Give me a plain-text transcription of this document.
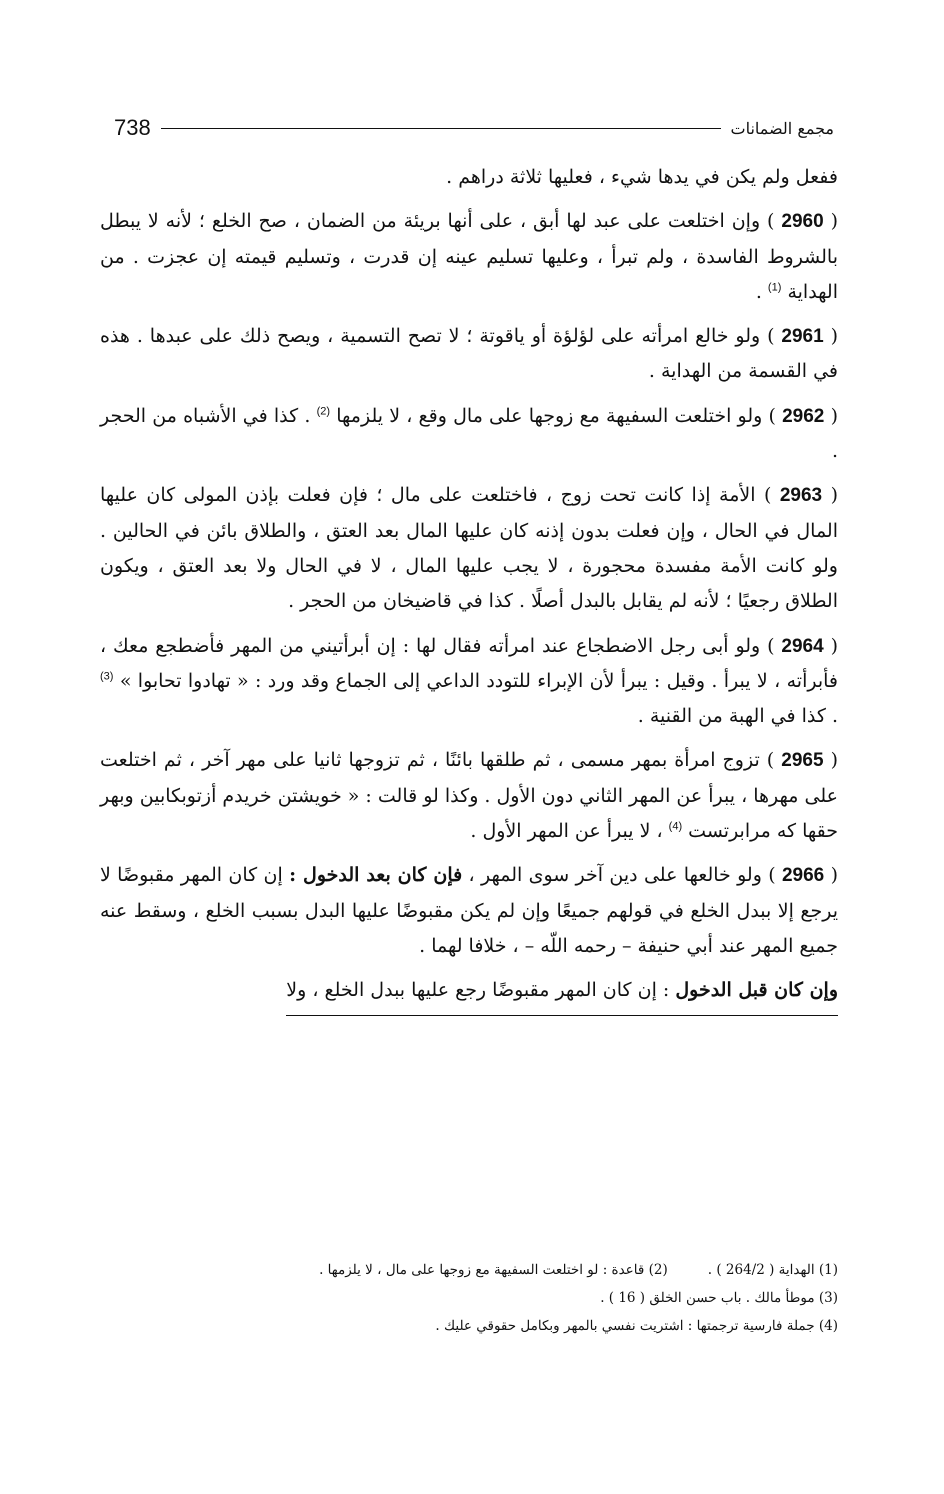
738	مجمع الضمانات

ففعل ولم يكن في يدها شيء ، فعليها ثلاثة دراهم .

( 2960 ) وإن اختلعت على عبد لها أبق ، على أنها بريئة من الضمان ، صح الخلع ؛ لأنه لا يبطل بالشروط الفاسدة ، ولم تبرأ ، وعليها تسليم عينه إن قدرت ، وتسليم قيمته إن عجزت . من الهداية $^{(1)}$ .

( 2961 ) ولو خالع امرأته على لؤلؤة أو ياقوتة ؛ لا تصح التسمية ، ويصح ذلك على عبدها . هذه في القسمة من الهداية .

( 2962 ) ولو اختلعت السفيهة مع زوجها على مال وقع ، لا يلزمها $^{(2)}$ . كذا في الأشباه من الحجر .

( 2963 ) الأمة إذا كانت تحت زوج ، فاختلعت على مال ؛ فإن فعلت بإذن المولى كان عليها المال في الحال ، وإن فعلت بدون إذنه كان عليها المال بعد العتق ، والطلاق بائن في الحالين . ولو كانت الأمة مفسدة محجورة ، لا يجب عليها المال ، لا في الحال ولا بعد العتق ، ويكون الطلاق رجعيًا ؛ لأنه لم يقابل بالبدل أصلًا . كذا في قاضيخان من الحجر .

( 2964 ) ولو أبى رجل الاضطجاع عند امرأته فقال لها : إن أبرأتيني من المهر فأضطجع معك ، فأبرأته ، لا يبرأ . وقيل : يبرأ لأن الإبراء للتودد الداعي إلى الجماع وقد ورد : « تهادوا تحابوا » $^{(3)}$ . كذا في الهبة من القنية .

( 2965 ) تزوج امرأة بمهر مسمى ، ثم طلقها بائنًا ، ثم تزوجها ثانيا على مهر آخر ، ثم اختلعت على مهرها ، يبرأ عن المهر الثاني دون الأول . وكذا لو قالت : « خويشتن خريدم أزتوبكابين وبهر حقها كه مرابرتست $^{(4)}$ ، لا يبرأ عن المهر الأول .

( 2966 ) ولو خالعها على دين آخر سوى المهر ، فإن كان بعد الدخول : إن كان المهر مقبوضًا لا يرجع إلا ببدل الخلع في قولهم جميعًا وإن لم يكن مقبوضًا عليها البدل بسبب الخلع ، وسقط عنه جميع المهر عند أبي حنيفة – رحمه اللّه – ، خلافا لهما .

وإن كان قبل الدخول : إن كان المهر مقبوضًا رجع عليها ببدل الخلع ، ولا

(1) الهداية ( 264/2 ) .
(2) قاعدة : لو اختلعت السفيهة مع زوجها على مال ، لا يلزمها .
(3) موطأ مالك . باب حسن الخلق ( 16 ) .
(4) جملة فارسية ترجمتها : اشتريت نفسي بالمهر وبكامل حقوقي عليك .
